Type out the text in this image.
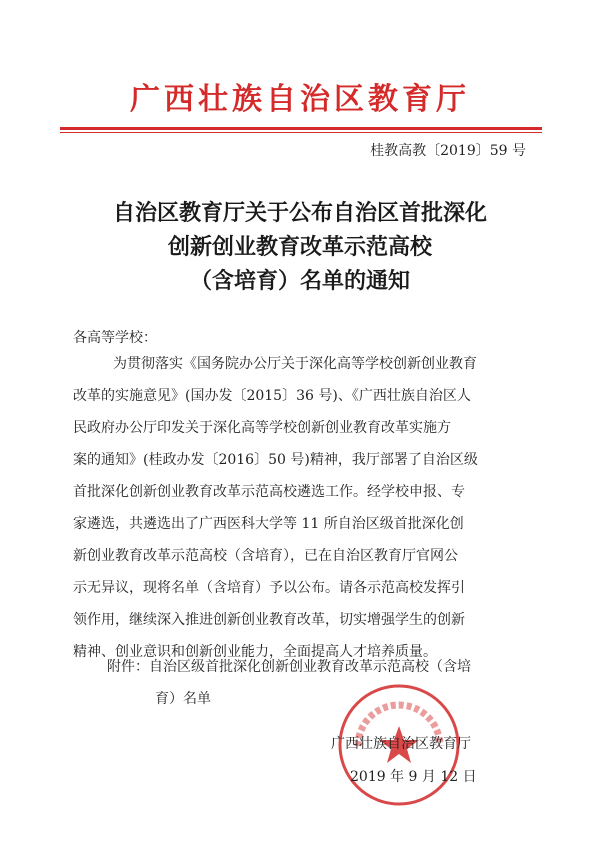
广西壮族自治区教育厅
桂教高教〔2019〕59 号
自治区教育厅关于公布自治区首批深化
创新创业教育改革示范高校
（含培育）名单的通知
各高等学校：
为贯彻落实《国务院办公厅关于深化高等学校创新创业教育
改革的实施意见》(国办发〔2015〕36 号)、《广西壮族自治区人
民政府办公厅印发关于深化高等学校创新创业教育改革实施方
案的通知》(桂政办发〔2016〕50 号)精神，我厅部署了自治区级
首批深化创新创业教育改革示范高校遴选工作。经学校申报、专
家遴选，共遴选出了广西医科大学等 11 所自治区级首批深化创
新创业教育改革示范高校（含培育），已在自治区教育厅官网公
示无异议，现将名单（含培育）予以公布。请各示范高校发挥引
领作用，继续深入推进创新创业教育改革，切实增强学生的创新
精神、创业意识和创新创业能力，全面提高人才培养质量。
附件：自治区级首批深化创新创业教育改革示范高校（含培
育）名单
广西壮族自治区教育厅
2019 年 9 月 12 日
